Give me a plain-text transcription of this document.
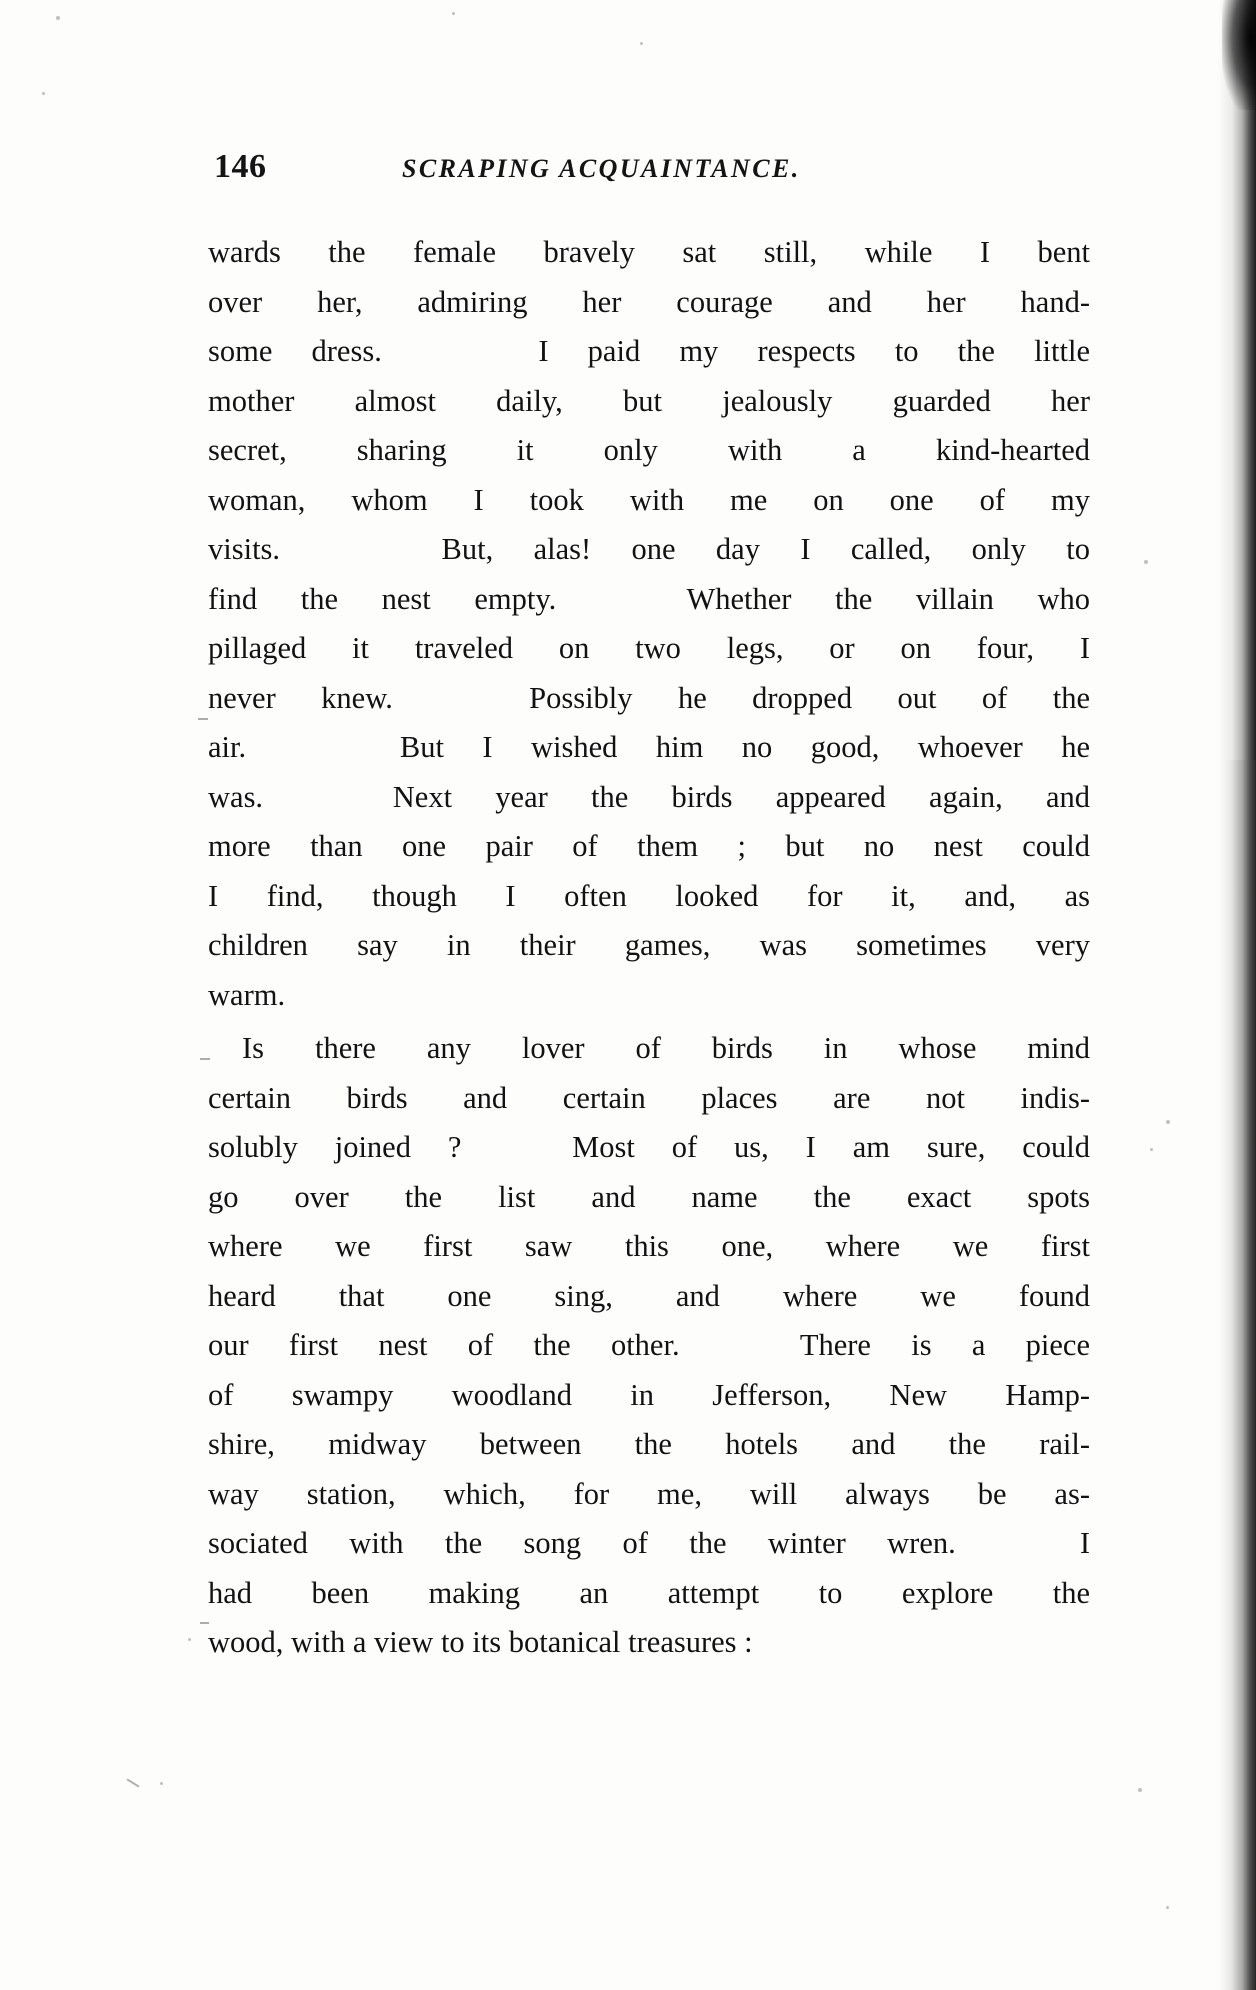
146	SCRAPING ACQUAINTANCE.

wards the female bravely sat still, while I bent
over her, admiring her courage and her hand-
some dress.    I paid my respects to the little
mother almost daily, but jealously guarded her
secret, sharing it only with a kind-hearted
woman, whom I took with me on one of my
visits.    But, alas! one day I called, only to
find the nest empty.   Whether the villain who
pillaged it traveled on two legs, or on four, I
never knew.   Possibly he dropped out of the
air.    But I wished him no good, whoever he
was.   Next year the birds appeared again, and
more than one pair of them ; but no nest could
I find, though I often looked for it, and, as
children say in their games, was sometimes very
warm.

Is there any lover of birds in whose mind
certain birds and certain places are not indis-
solubly joined ?   Most of us, I am sure, could
go over the list and name the exact spots
where we first saw this one, where we first
heard that one sing, and where we found
our first nest of the other.   There is a piece
of swampy woodland in Jefferson, New Hamp-
shire, midway between the hotels and the rail-
way station, which, for me, will always be as-
sociated with the song of the winter wren.   I
had been making an attempt to explore the
wood, with a view to its botanical treasures :
